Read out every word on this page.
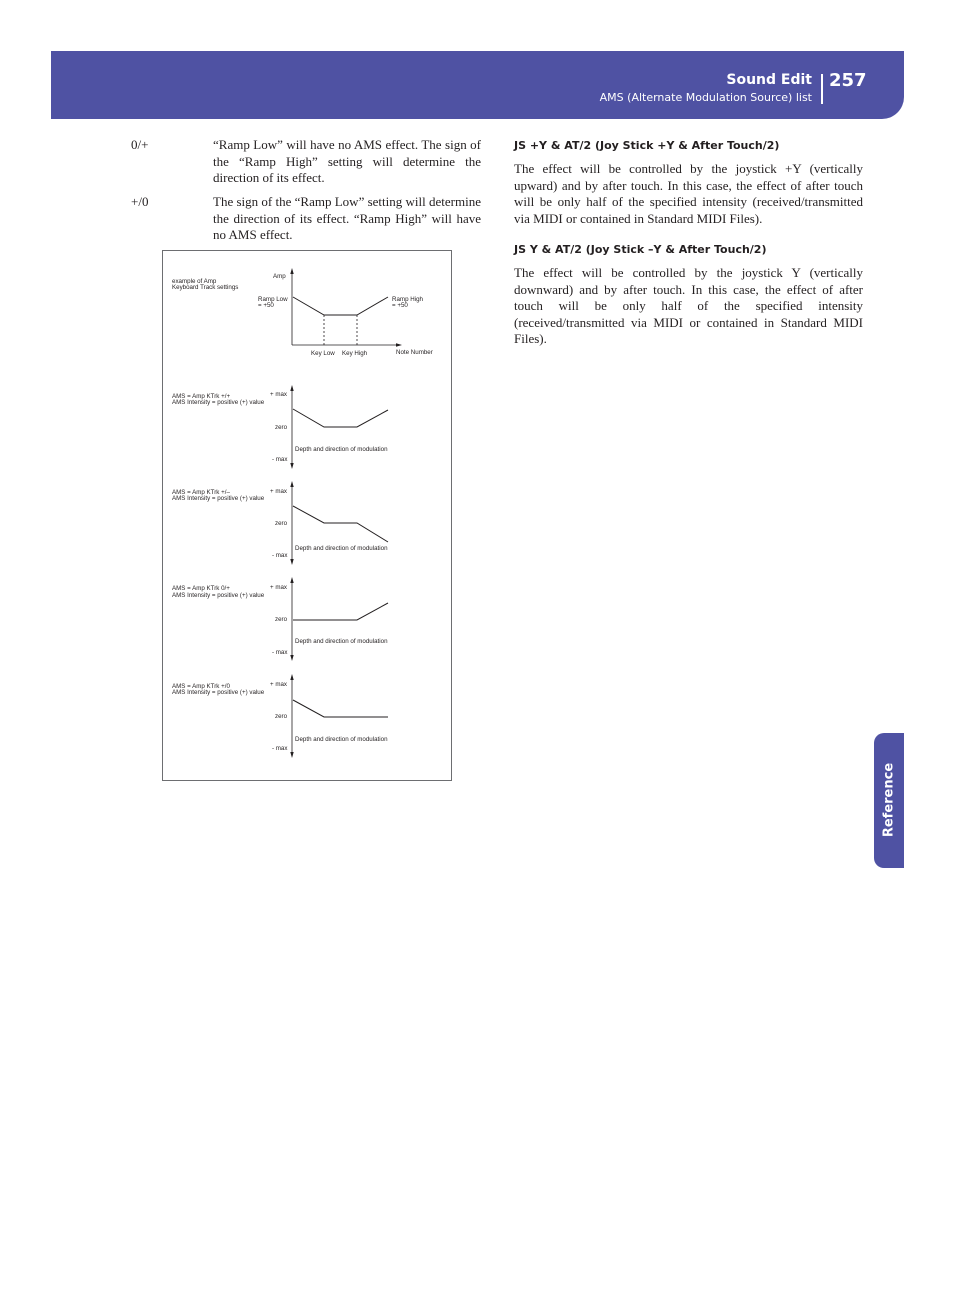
Sound Edit
AMS (Alternate Modulation Source) list
257
Reference
0/+	“Ramp Low” will have no AMS effect. The sign of the “Ramp High” setting will determine the direction of its effect.
+/0	The sign of the “Ramp Low” setting will determine the direction of its effect. “Ramp High” will have no AMS effect.
example of Amp
Keyboard Track settings
Amp
Ramp Low
= +50
Ramp High
= +50
Key Low Key High	Note Number
AMS = Amp KTrk +/+
AMS Intensity = positive (+) value
+ max
zero
- max
Depth and direction of modulation
AMS = Amp KTrk +/–
AMS Intensity = positive (+) value
+ max
zero
- max
Depth and direction of modulation
AMS = Amp KTrk 0/+
AMS Intensity = positive (+) value
+ max
zero
- max
Depth and direction of modulation
AMS = Amp KTrk +/0
AMS Intensity = positive (+) value
+ max
zero
- max
Depth and direction of modulation
JS +Y & AT/2 (Joy Stick +Y & After Touch/2)
The effect will be controlled by the joystick +Y (vertically upward) and by after touch. In this case, the effect of after touch will be only half of the specified intensity (received/transmitted via MIDI or contained in Standard MIDI Files).
JS Y & AT/2 (Joy Stick –Y & After Touch/2)
The effect will be controlled by the joystick Y (vertically downward) and by after touch. In this case, the effect of after touch will be only half of the specified intensity (received/transmitted via MIDI or contained in Standard MIDI Files).
